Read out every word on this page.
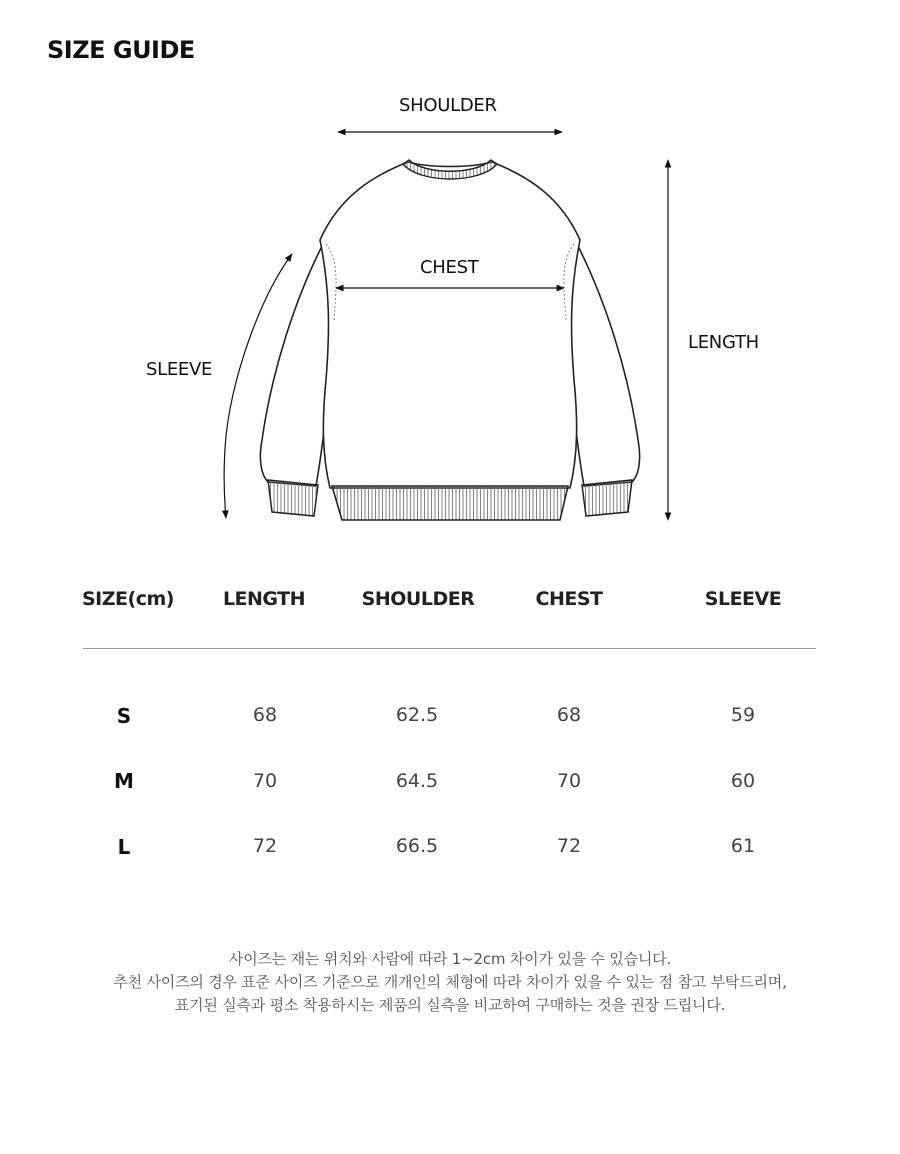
SIZE GUIDE
SHOULDER
CHEST
SLEEVE
LENGTH
SIZE(cm)	LENGTH	SHOULDER	CHEST	SLEEVE
S	68	62.5	68	59
M	70	64.5	70	60
L	72	66.5	72	61
사이즈는 재는 위치와 사람에 따라 1~2cm 차이가 있을 수 있습니다.
추천 사이즈의 경우 표준 사이즈 기준으로 개개인의 체형에 따라 차이가 있을 수 있는 점 참고 부탁드리며,
표기된 실측과 평소 착용하시는 제품의 실측을 비교하여 구매하는 것을 권장 드립니다.
